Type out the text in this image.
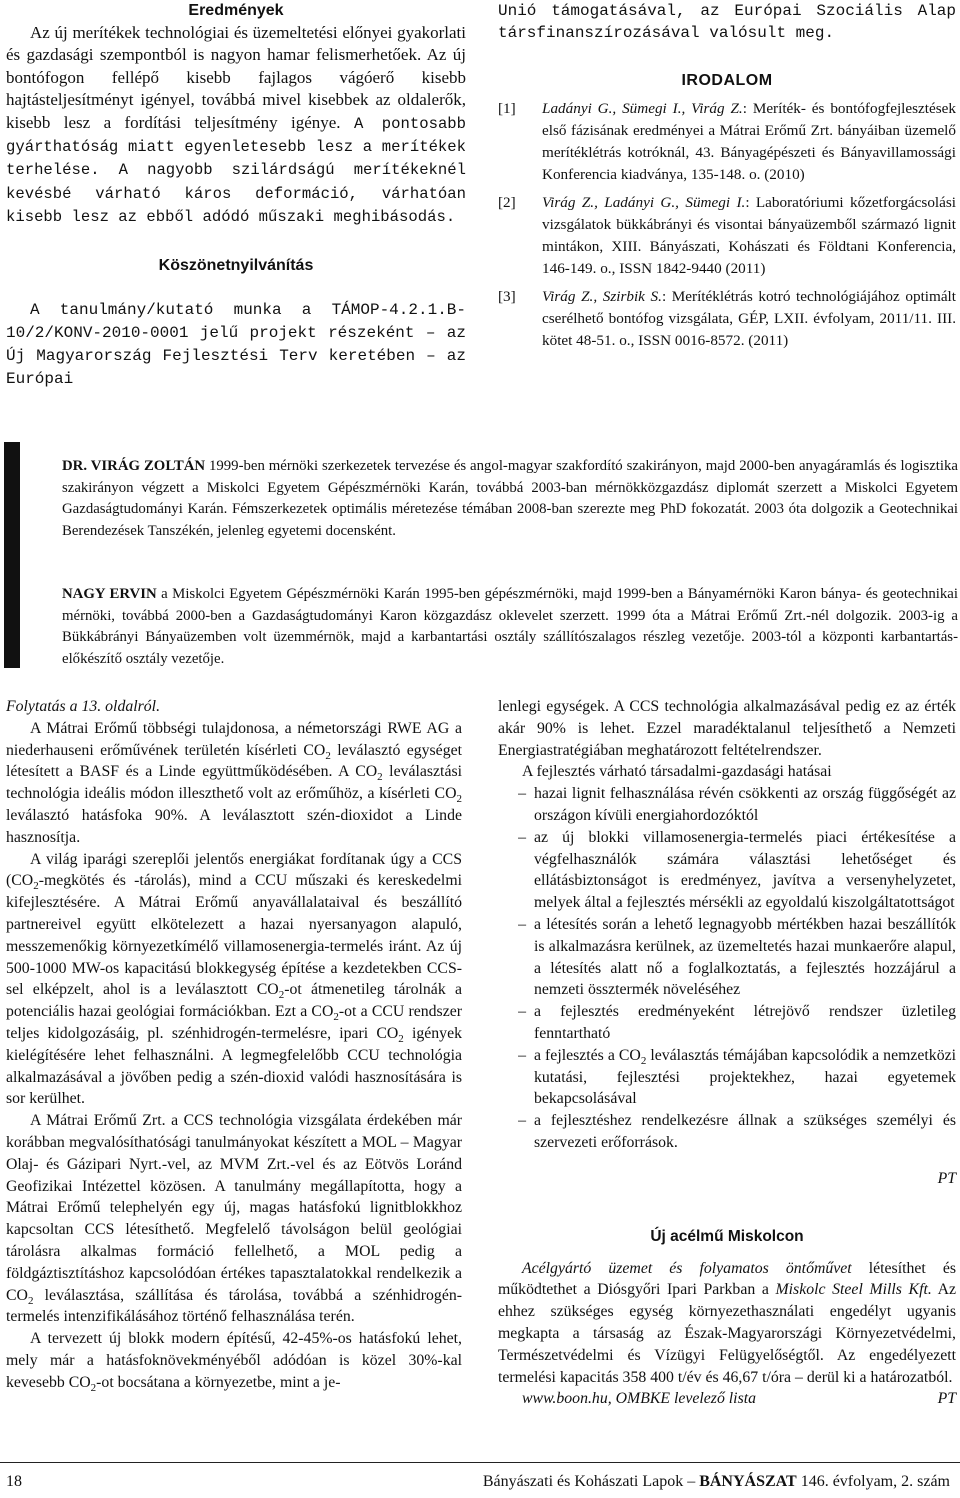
Eredmények

Az új merítékek technológiai és üzemeltetési előnyei gyakorlati és gazdasági szempontból is nagyon hamar felismerhetőek. Az új bontófogon fellépő kisebb fajlagos vágóerő kisebb hajtásteljesítményt igényel, továbbá mivel kisebbek az oldalerők, kisebb lesz a fordítási teljesítmény igénye. A pontosabb gyárthatóság miatt egyenletesebb lesz a merítékek terhelése. A nagyobb szilárdságú merítékeknél kevésbé várható káros deformáció, várhatóan kisebb lesz az ebből adódó műszaki meghibásodás.

Köszönetnyilvánítás

A tanulmány/kutató munka a TÁMOP-4.2.1.B-10/2/KONV-2010-0001 jelű projekt részeként – az Új Magyarország Fejlesztési Terv keretében – az Európai

Unió támogatásával, az Európai Szociális Alap társfinanszírozásával valósult meg.

IRODALOM
[1]	Ladányi G., Sümegi I., Virág Z.: Meríték- és bontófogfejlesztések első fázisának eredményei a Mátrai Erőmű Zrt. bányáiban üzemelő merítéklétrás kotróknál, 43. Bányagépészeti és Bányavillamossági Konferencia kiadványa, 135-148. o. (2010)
[2]	Virág Z., Ladányi G., Sümegi I.: Laboratóriumi kőzetforgácsolási vizsgálatok bükkábrányi és visontai bányaüzemből származó lignit mintákon, XIII. Bányászati, Kohászati és Földtani Konferencia, 146-149. o., ISSN 1842-9440 (2011)
[3]	Virág Z., Szirbik S.: Merítéklétrás kotró technológiájához optimált cserélhető bontófog vizsgálata, GÉP, LXII. évfolyam, 2011/11. III. kötet 48-51. o., ISSN 0016-8572. (2011)

DR. VIRÁG ZOLTÁN 1999-ben mérnöki szerkezetek tervezése és angol-magyar szakfordító szakirányon, majd 2000-ben anyagáramlás és logisztika szakirányon végzett a Miskolci Egyetem Gépészmérnöki Karán, továbbá 2003-ban mérnökközgazdász diplomát szerzett a Miskolci Egyetem Gazdaságtudományi Karán. Fémszerkezetek optimális méretezése témában 2008-ban szerezte meg PhD fokozatát. 2003 óta dolgozik a Geotechnikai Berendezések Tanszékén, jelenleg egyetemi docensként.

NAGY ERVIN a Miskolci Egyetem Gépészmérnöki Karán 1995-ben gépészmérnöki, majd 1999-ben a Bányamérnöki Karon bánya- és geotechnikai mérnöki, továbbá 2000-ben a Gazdaságtudományi Karon közgazdász oklevelet szerzett. 1999 óta a Mátrai Erőmű Zrt.-nél dolgozik. 2003-ig a Bükkábrányi Bányaüzemben volt üzemmérnök, majd a karbantartási osztály szállítószalagos részleg vezetője. 2003-tól a központi karbantartás-előkészítő osztály vezetője.

Folytatás a 13. oldalról.

A Mátrai Erőmű többségi tulajdonosa, a németországi RWE AG a niederhauseni erőművének területén kísérleti $CO_2$ leválasztó egységet létesített a BASF és a Linde együttműködésében. A $CO_2$ leválasztási technológia ideális módon illeszthető volt az erőműhöz, a kísérleti $CO_2$ leválasztó hatásfoka 90%. A leválasztott szén-dioxidot a Linde hasznosítja.

A világ iparági szereplői jelentős energiákat fordítanak úgy a CCS ($CO_2$-megkötés és -tárolás), mind a CCU műszaki és kereskedelmi kifejlesztésére. A Mátrai Erőmű anyavállalataival és beszállító partnereivel együtt elkötelezett a hazai nyersanyagon alapuló, messzemenőkig környezetkímélő villamosenergia-termelés iránt. Az új 500-1000 MW-os kapacitású blokkegység építése a kezdetekben CCS-sel elképzelt, ahol is a leválasztott $CO_2-ot$ átmenetileg tárolnák a potenciális hazai geológiai formációkban. Ezt a $CO_2-ot$ a CCU rendszer teljes kidolgozásáig, pl. szénhidrogén-termelésre, ipari $CO_2$ igények kielégítésére lehet felhasználni. A legmegfelelőbb CCU technológia alkalmazásával a jövőben pedig a szén-dioxid valódi hasznosítására is sor kerülhet.

A Mátrai Erőmű Zrt. a CCS technológia vizsgálata érdekében már korábban megvalósíthatósági tanulmányokat készített a MOL – Magyar Olaj- és Gázipari Nyrt.-vel, az MVM Zrt.-vel és az Eötvös Loránd Geofizikai Intézettel közösen. A tanulmány megállapította, hogy a Mátrai Erőmű telephelyén egy új, magas hatásfokú lignitblokkhoz kapcsoltan CCS létesíthető. Megfelelő távolságon belül geológiai tárolásra alkalmas formáció fellelhető, a MOL pedig a földgáztisztításhoz kapcsolódóan értékes tapasztalatokkal rendelkezik a $CO_2$ leválasztása, szállítása és tárolása, továbbá a szénhidrogén-termelés intenzifikálásához történő felhasználása terén.

A tervezett új blokk modern építésű, 42-45%-os hatásfokú lehet, mely már a hatásfoknövekményéből adódóan is közel 30%-kal kevesebb $CO_2-ot$ bocsátana a környezetbe, mint a je-

lenlegi egységek. A CCS technológia alkalmazásával pedig ez az érték akár 90% is lehet. Ezzel maradéktalanul teljesíthető a Nemzeti Energiastratégiában meghatározott feltételrendszer.

A fejlesztés várható társadalmi-gazdasági hatásai

– hazai lignit felhasználása révén csökkenti az ország függőségét az országon kívüli energiahordozóktól
– az új blokki villamosenergia-termelés piaci értékesítése a végfelhasználók számára választási lehetőséget és ellátásbiztonságot is eredményez, javítva a versenyhelyzetet, melyek által a fejlesztés mérsékli az egyoldalú kiszolgáltatottságot
– a létesítés során a lehető legnagyobb mértékben hazai beszállítók is alkalmazásra kerülnek, az üzemeltetés hazai munkaerőre alapul, a létesítés alatt nő a foglalkoztatás, a fejlesztés hozzájárul a nemzeti össztermék növeléséhez
– a fejlesztés eredményeként létrejövő rendszer üzletileg fenntartható
– a fejlesztés a $CO_2$ leválasztás témájában kapcsolódik a nemzetközi kutatási, fejlesztési projektekhez, hazai egyetemek bekapcsolásával
– a fejlesztéshez rendelkezésre állnak a szükséges személyi és szervezeti erőforrások.

PT

Új acélmű Miskolcon

Acélgyártó üzemet és folyamatos öntőművet létesíthet és működtethet a Diósgyőri Ipari Parkban a Miskolc Steel Mills Kft. Az ehhez szükséges egység környezethasználati engedélyt ugyanis megkapta a társaság az Észak-Magyarországi Környezetvédelmi, Természetvédelmi és Vízügyi Felügyelőségtől. Az engedélyezett termelési kapacitás 358 400 t/év és 46,67 t/óra – derül ki a határozatból.

www.boon.hu, OMBKE levelező lista	PT

18	Bányászati és Kohászati Lapok – BÁNYÁSZAT 146. évfolyam, 2. szám
